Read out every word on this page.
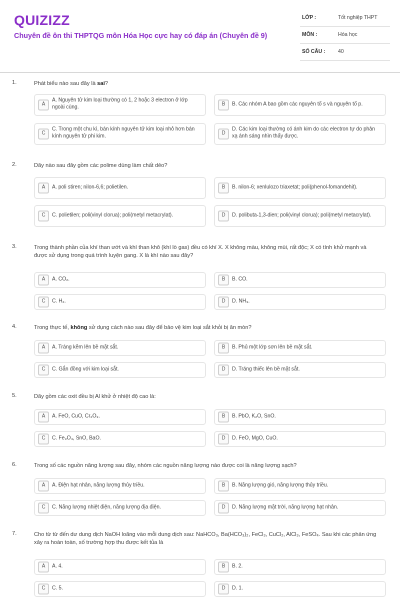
QUIZIZZ
Chuyên đề ôn thi THPTQG môn Hóa Học cực hay có đáp án (Chuyên đề 9)
LỚP :	Tốt nghiệp THPT
MÔN :	Hóa học
SỐ CÂU : 40
1.	Phát biểu nào sau đây là sai?
A
A. Nguyên tử kim loại thường có 1, 2 hoặc 3 electron ở lớp ngoài cùng.
B	B. Các nhóm A bao gồm các nguyên tố s và nguyên tố p.
C
C. Trong một chu kì, bán kính nguyên tử kim loại nhỏ hơn bán kính nguyên tử phi kim.
D
D. Các kim loại thường có ánh kim do các electron tự do phản xạ ánh sáng nhìn thấy được.
2.	Dãy nào sau đây gồm các polime dùng làm chất dẻo?
A	A. poli stiren; nilon-6,6; polietilen.	B	B. nilon-6; xenlulozo triaxetat; poli(phenol-fomandehit).
C	C. polietilen; poli(vinyl clorua); poli(metyl metacrylat).	D	D. polibuta-1,3-dien; poli(vinyl clorua); poli(metyl metacrylat).
3.	Trong thành phần của khí than ướt và khí than khô (khí lò gas) đều có khí X. X không màu, không mùi, rất độc; X có tính khử mạnh và được sử dụng trong quá trình luyện gang. X là khí nào sau đây?
A	A. CO₂.	B	B. CO.
C	C. H₂.	D	D. NH₃.
4.	Trong thực tế, không sử dụng cách nào sau đây để bảo vệ kim loại sắt khỏi bị ăn mòn?
A	A. Tráng kẽm lên bề mặt sắt.	B	B. Phủ một lớp sơn lên bề mặt sắt.
C	C. Gắn đồng với kim loại sắt.	D	D. Tráng thiếc lên bề mặt sắt.
5.	Dãy gồm các oxit đều bị Al khử ở nhiệt độ cao là:
A	A. FeO, CuO, Cr₂O₃.	B	B. PbO, K₂O, SnO.
C	C. Fe₃O₄, SnO, BaO.	D	D. FeO, MgO, CuO.
6.	Trong số các nguồn năng lượng sau đây, nhóm các nguồn năng lượng nào được coi là năng lượng sạch?
A	A. Điện hạt nhân, năng lượng thủy triều.	B	B. Năng lượng gió, năng lượng thủy triều.
C	C. Năng lượng nhiệt điện, năng lượng địa điện.	D	D. Năng lượng mặt trời, năng lượng hạt nhân.
7.	Cho từ từ đến dư dung dịch NaOH loãng vào mỗi dung dịch sau: NaHCO₃, Ba(HCO₃)₂, FeCl₃, CuCl₂, AlCl₃, FeSO₄. Sau khi các phản ứng xảy ra hoàn toàn, số trường hợp thu được kết tủa là
A	A. 4.	B	B. 2.
C	C. 5.	D	D. 1.
